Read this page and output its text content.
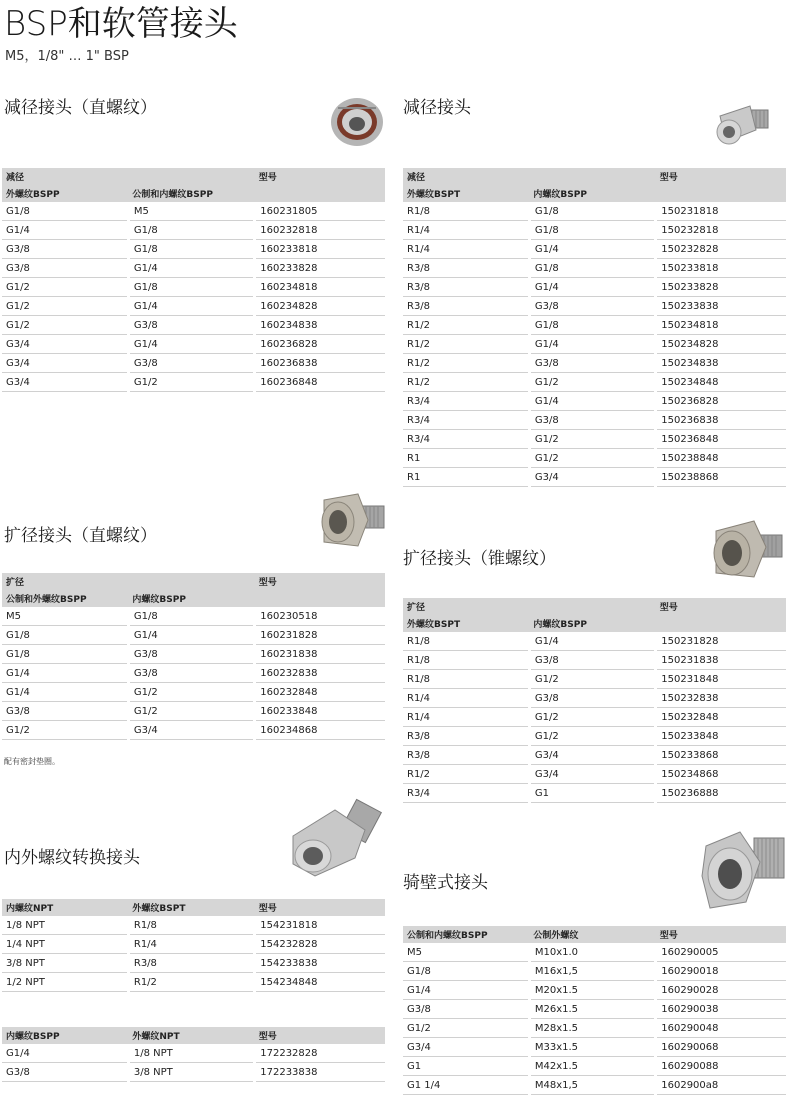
BSP和软管接头
M5，1/8" … 1" BSP
减径接头（直螺纹）
减径		型号
外螺纹BSPP	公制和内螺纹BSPP	
G1/8	M5	160231805
G1/4	G1/8	160232818
G3/8	G1/8	160233818
G3/8	G1/4	160233828
G1/2	G1/8	160234818
G1/2	G1/4	160234828
G1/2	G3/8	160234838
G3/4	G1/4	160236828
G3/4	G3/8	160236838
G3/4	G1/2	160236848
减径接头
减径		型号
外螺纹BSPT	内螺纹BSPP	
R1/8	G1/8	150231818
R1/4	G1/8	150232818
R1/4	G1/4	150232828
R3/8	G1/8	150233818
R3/8	G1/4	150233828
R3/8	G3/8	150233838
R1/2	G1/8	150234818
R1/2	G1/4	150234828
R1/2	G3/8	150234838
R1/2	G1/2	150234848
R3/4	G1/4	150236828
R3/4	G3/8	150236838
R3/4	G1/2	150236848
R1	G1/2	150238848
R1	G3/4	150238868
扩径接头（直螺纹）
扩径		型号
公制和外螺纹BSPP	内螺纹BSPP	
M5	G1/8	160230518
G1/8	G1/4	160231828
G1/8	G3/8	160231838
G1/4	G3/8	160232838
G1/4	G1/2	160232848
G3/8	G1/2	160233848
G1/2	G3/4	160234868
配有密封垫圈。
扩径接头（锥螺纹）
扩径		型号
外螺纹BSPT	内螺纹BSPP	
R1/8	G1/4	150231828
R1/8	G3/8	150231838
R1/8	G1/2	150231848
R1/4	G3/8	150232838
R1/4	G1/2	150232848
R3/8	G1/2	150233848
R3/8	G3/4	150233868
R1/2	G3/4	150234868
R3/4	G1	150236888
内外螺纹转换接头
内螺纹NPT	外螺纹BSPT	型号
1/8 NPT	R1/8	154231818
1/4 NPT	R1/4	154232828
3/8 NPT	R3/8	154233838
1/2 NPT	R1/2	154234848
内螺纹BSPP	外螺纹NPT	型号
G1/4	1/8 NPT	172232828
G3/8	3/8 NPT	172233838
骑壁式接头
公制和内螺纹BSPP	公制外螺纹	型号
M5	M10x1.0	160290005
G1/8	M16x1,5	160290018
G1/4	M20x1.5	160290028
G3/8	M26x1.5	160290038
G1/2	M28x1.5	160290048
G3/4	M33x1.5	160290068
G1	M42x1.5	160290088
G1 1/4	M48x1,5	1602900a8
